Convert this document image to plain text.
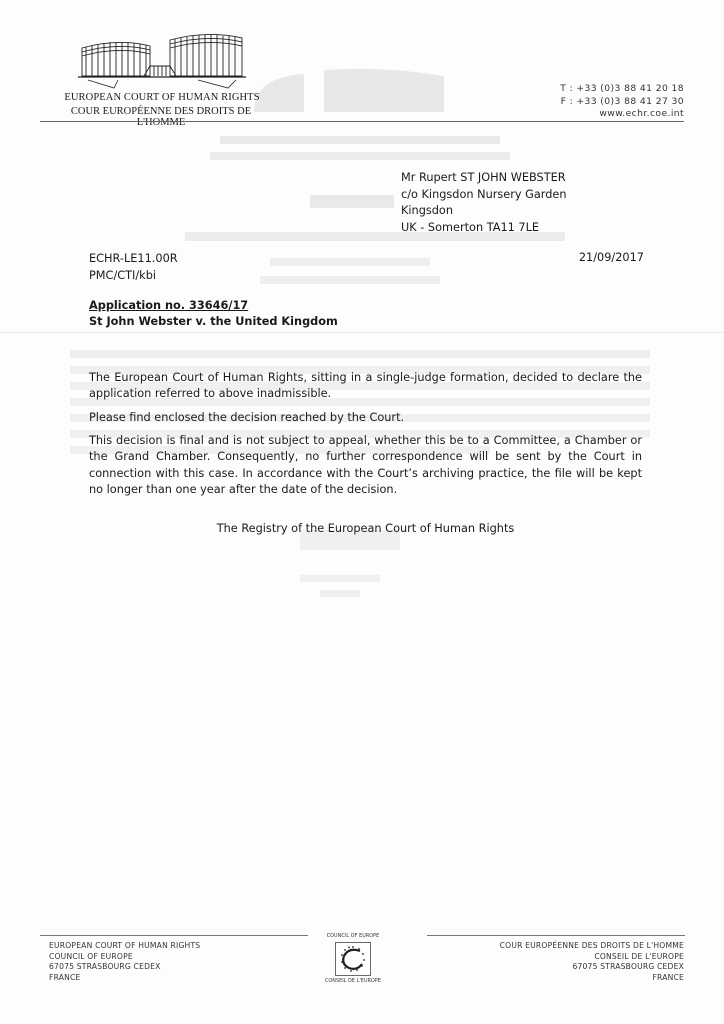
EUROPEAN COURT OF HUMAN RIGHTS
COUR EUROPÉENNE DES DROITS DE L'HOMME
T : +33 (0)3 88 41 20 18
F : +33 (0)3 88 41 27 30
www.echr.coe.int
Mr Rupert ST JOHN WEBSTER
c/o Kingsdon Nursery Garden
Kingsdon
UK - Somerton TA11 7LE
ECHR-LE11.00R
PMC/CTI/kbi
21/09/2017
Application no. 33646/17
St John Webster v. the United Kingdom

The European Court of Human Rights, sitting in a single-judge formation, decided to declare the application referred to above inadmissible.

Please find enclosed the decision reached by the Court.

This decision is final and is not subject to appeal, whether this be to a Committee, a Chamber or the Grand Chamber. Consequently, no further correspondence will be sent by the Court in connection with this case. In accordance with the Court’s archiving practice, the file will be kept no longer than one year after the date of the decision.

The Registry of the European Court of Human Rights
EUROPEAN COURT OF HUMAN RIGHTS
COUNCIL OF EUROPE
67075 STRASBOURG CEDEX
FRANCE
COUNCIL OF EUROPE
CONSEIL DE L'EUROPE
COUR EUROPÉENNE DES DROITS DE L'HOMME
CONSEIL DE L'EUROPE
67075 STRASBOURG CEDEX
FRANCE
